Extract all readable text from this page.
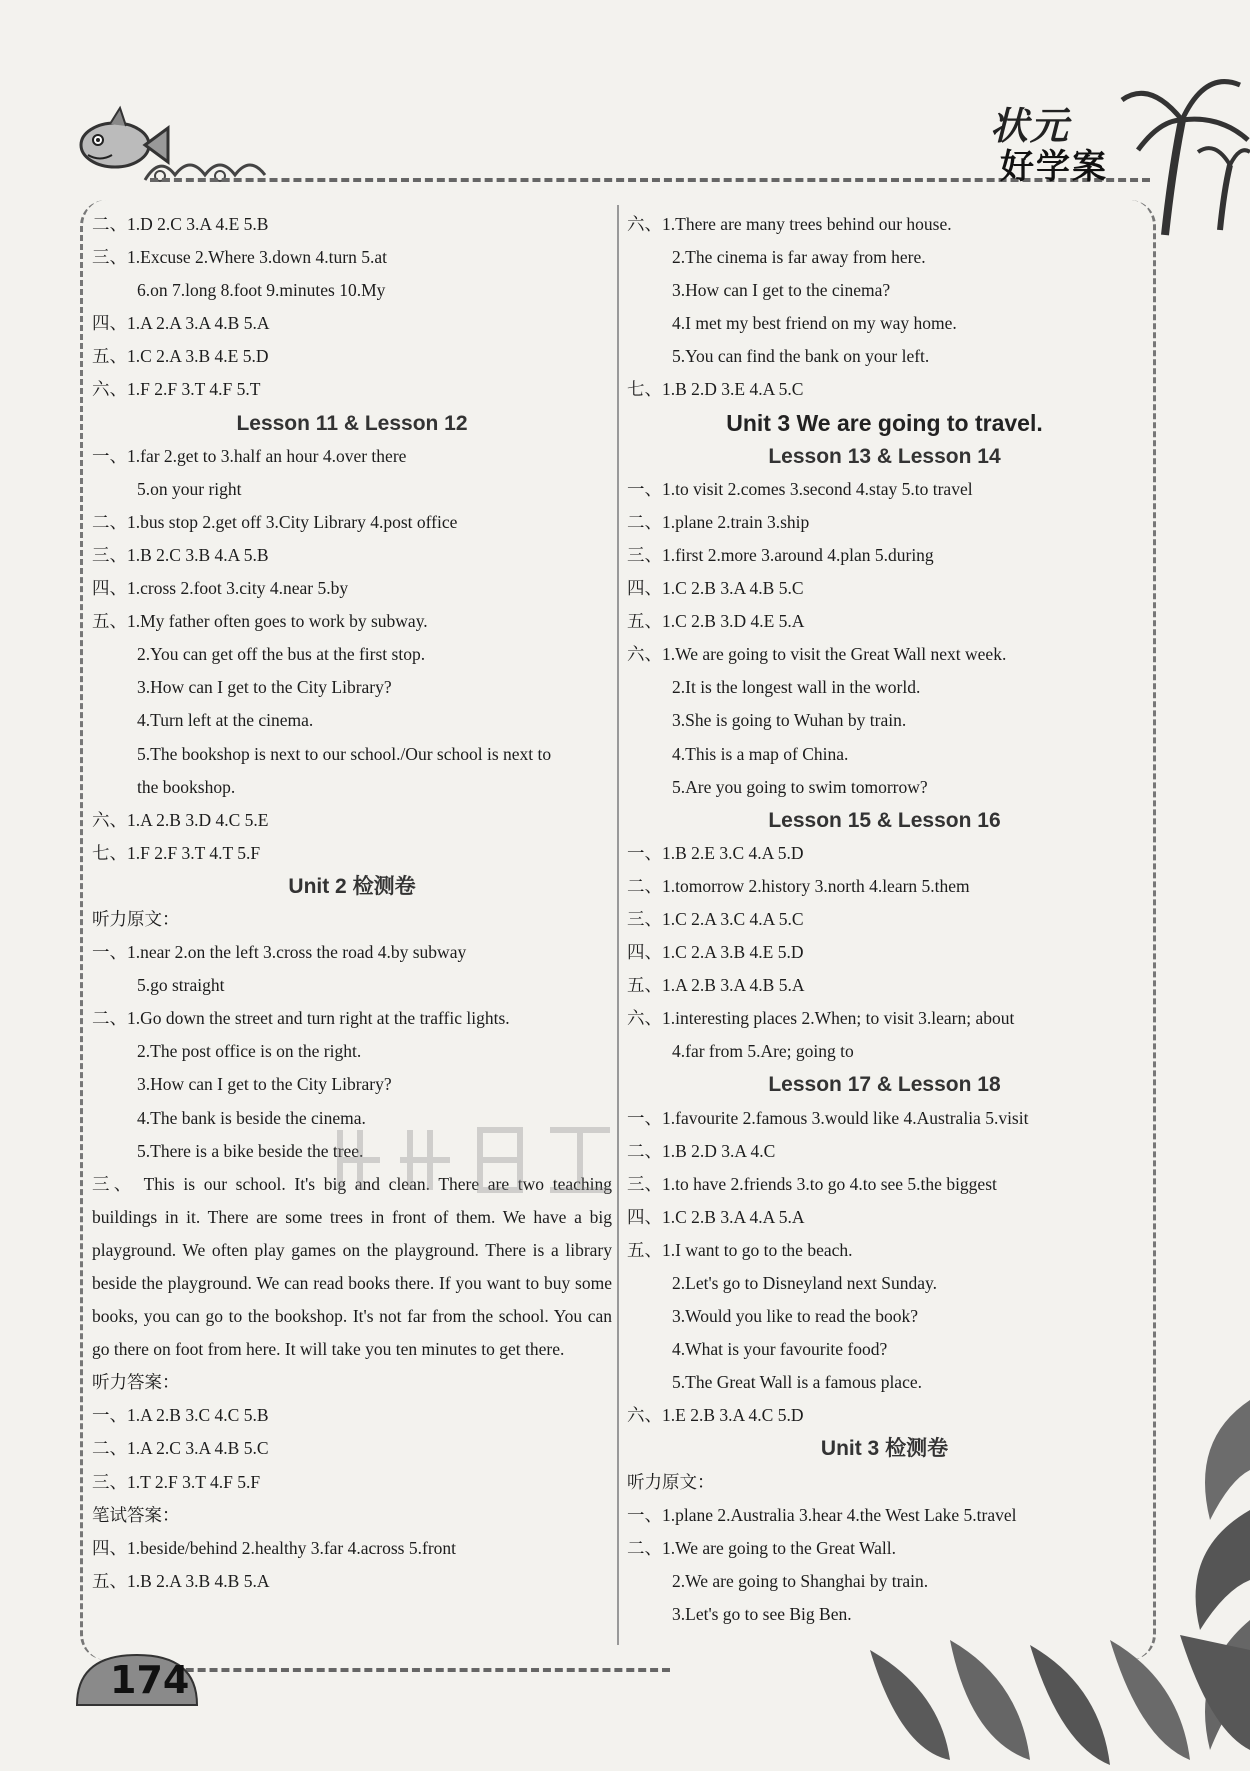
状元
好学案
二、1.D 2.C 3.A 4.E 5.B
三、1.Excuse 2.Where 3.down 4.turn 5.at
6.on 7.long 8.foot 9.minutes 10.My
四、1.A 2.A 3.A 4.B 5.A
五、1.C 2.A 3.B 4.E 5.D
六、1.F 2.F 3.T 4.F 5.T
Lesson 11 & Lesson 12
一、1.far 2.get to 3.half an hour 4.over there
5.on your right
二、1.bus stop 2.get off 3.City Library 4.post office
三、1.B 2.C 3.B 4.A 5.B
四、1.cross 2.foot 3.city 4.near 5.by
五、1.My father often goes to work by subway.
2.You can get off the bus at the first stop.
3.How can I get to the City Library?
4.Turn left at the cinema.
5.The bookshop is next to our school./Our school is next to
the bookshop.
六、1.A 2.B 3.D 4.C 5.E
七、1.F 2.F 3.T 4.T 5.F
Unit 2 检测卷
听力原文：
一、1.near 2.on the left 3.cross the road 4.by subway
5.go straight
二、1.Go down the street and turn right at the traffic lights.
2.The post office is on the right.
3.How can I get to the City Library?
4.The bank is beside the cinema.
5.There is a bike beside the tree.
三、 This is our school. It's big and clean. There are two teaching buildings in it. There are some trees in front of them. We have a big playground. We often play games on the playground. There is a library beside the playground. We can read books there. If you want to buy some books, you can go to the bookshop. It's not far from the school. You can go there on foot from here. It will take you ten minutes to get there.
听力答案：
一、1.A 2.B 3.C 4.C 5.B
二、1.A 2.C 3.A 4.B 5.C
三、1.T 2.F 3.T 4.F 5.F
笔试答案：
四、1.beside/behind 2.healthy 3.far 4.across 5.front
五、1.B 2.A 3.B 4.B 5.A
六、1.There are many trees behind our house.
2.The cinema is far away from here.
3.How can I get to the cinema?
4.I met my best friend on my way home.
5.You can find the bank on your left.
七、1.B 2.D 3.E 4.A 5.C
Unit 3 We are going to travel.
Lesson 13 & Lesson 14
一、1.to visit 2.comes 3.second 4.stay 5.to travel
二、1.plane 2.train 3.ship
三、1.first 2.more 3.around 4.plan 5.during
四、1.C 2.B 3.A 4.B 5.C
五、1.C 2.B 3.D 4.E 5.A
六、1.We are going to visit the Great Wall next week.
2.It is the longest wall in the world.
3.She is going to Wuhan by train.
4.This is a map of China.
5.Are you going to swim tomorrow?
Lesson 15 & Lesson 16
一、1.B 2.E 3.C 4.A 5.D
二、1.tomorrow 2.history 3.north 4.learn 5.them
三、1.C 2.A 3.C 4.A 5.C
四、1.C 2.A 3.B 4.E 5.D
五、1.A 2.B 3.A 4.B 5.A
六、1.interesting places 2.When; to visit 3.learn; about
4.far from 5.Are; going to
Lesson 17 & Lesson 18
一、1.favourite 2.famous 3.would like 4.Australia 5.visit
二、1.B 2.D 3.A 4.C
三、1.to have 2.friends 3.to go 4.to see 5.the biggest
四、1.C 2.B 3.A 4.A 5.A
五、1.I want to go to the beach.
2.Let's go to Disneyland next Sunday.
3.Would you like to read the book?
4.What is your favourite food?
5.The Great Wall is a famous place.
六、1.E 2.B 3.A 4.C 5.D
Unit 3 检测卷
听力原文：
一、1.plane 2.Australia 3.hear 4.the West Lake 5.travel
二、1.We are going to the Great Wall.
2.We are going to Shanghai by train.
3.Let's go to see Big Ben.
174
